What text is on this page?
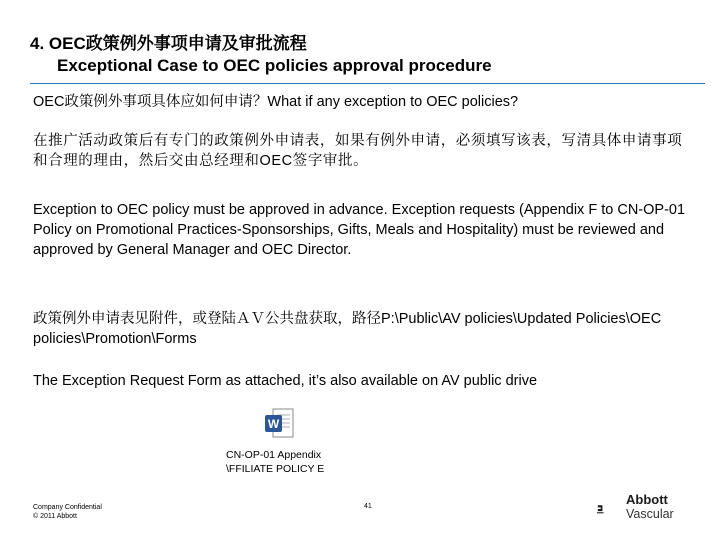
4. OEC政策例外事项申请及审批流程
Exceptional Case to OEC policies approval procedure
OEC政策例外事项具体应如何申请？What if any exception to OEC policies?
在推广活动政策后有专门的政策例外申请表，如果有例外申请，必须填写该表，写清具体申请事项和合理的理由，然后交由总经理和OEC签字审批。
Exception to OEC policy must be approved in advance. Exception requests (Appendix F to CN-OP-01 Policy on Promotional Practices-Sponsorships, Gifts, Meals and Hospitality) must be reviewed and approved by General Manager and OEC Director.
政策例外申请表见附件，或登陆ＡＶ公共盘获取，路径P:\Public\AV policies\Updated Policies\OEC policies\Promotion\Forms
The Exception Request Form as attached, it’s also available on AV public drive
W
CN-OP-01 Appendix
\FFILIATE POLICY E
Company Confidential
© 2011 Abbott
41	Abbott
Vascular
